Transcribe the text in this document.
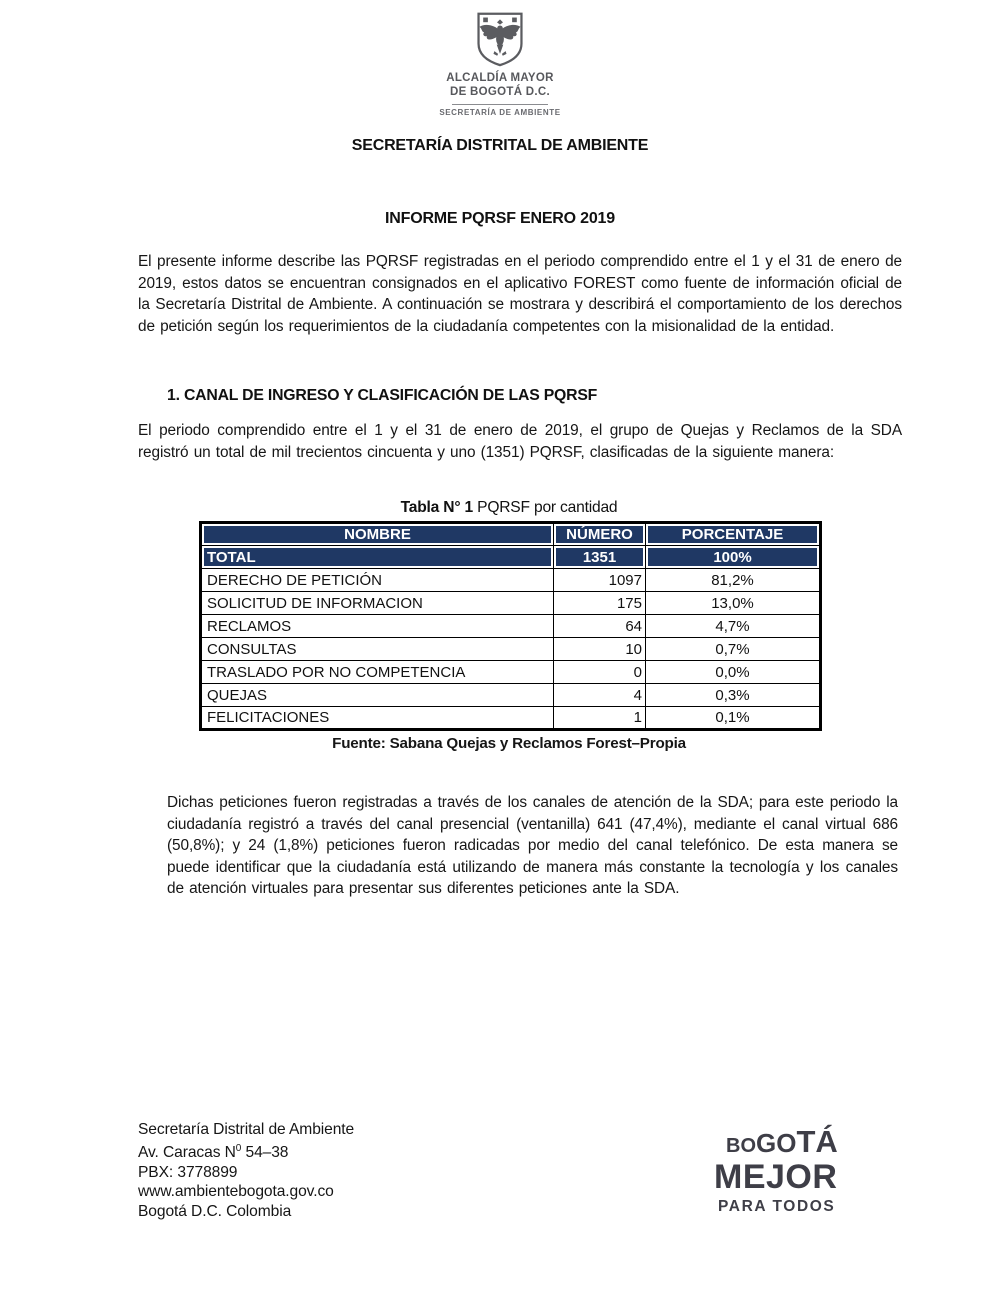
ALCALDÍA MAYOR
DE BOGOTÁ D.C.
SECRETARÍA DE AMBIENTE
SECRETARÍA DISTRITAL DE AMBIENTE
INFORME PQRSF ENERO 2019
El presente informe describe las PQRSF registradas en el periodo comprendido entre el 1 y el 31 de enero de 2019, estos datos se encuentran consignados en el aplicativo FOREST como fuente de información oficial de la Secretaría Distrital de Ambiente. A continuación se mostrara y describirá el comportamiento de los derechos de petición según los requerimientos de la ciudadanía competentes con la misionalidad de la entidad.
1. CANAL DE INGRESO Y CLASIFICACIÓN DE LAS PQRSF
El periodo comprendido entre el 1 y el 31 de enero de 2019, el grupo de Quejas y Reclamos de la SDA registró un total de mil trecientos cincuenta y uno (1351) PQRSF, clasificadas de la siguiente manera:
Tabla N° 1 PQRSF por cantidad
NOMBRE	NÚMERO	PORCENTAJE
TOTAL	1351	100%
DERECHO DE PETICIÓN	1097	81,2%
SOLICITUD DE INFORMACION	175	13,0%
RECLAMOS	64	4,7%
CONSULTAS	10	0,7%
TRASLADO POR NO COMPETENCIA	0	0,0%
QUEJAS	4	0,3%
FELICITACIONES	1	0,1%
Fuente: Sabana Quejas y Reclamos Forest–Propia
Dichas peticiones fueron registradas a través de los canales de atención de la SDA; para este periodo la ciudadanía registró a través del canal presencial (ventanilla) 641 (47,4%), mediante el canal virtual 686 (50,8%); y 24 (1,8%) peticiones fueron radicadas por medio del canal telefónico. De esta manera se puede identificar que la ciudadanía está utilizando de manera más constante la tecnología y los canales de atención virtuales para presentar sus diferentes peticiones ante la SDA.
Secretaría Distrital de Ambiente
Av. Caracas $N^0$ 54–38
PBX: 3778899
www.ambientebogota.gov.co
Bogotá D.C. Colombia
BO GO TÁ
MEJOR
PARA TODOS
